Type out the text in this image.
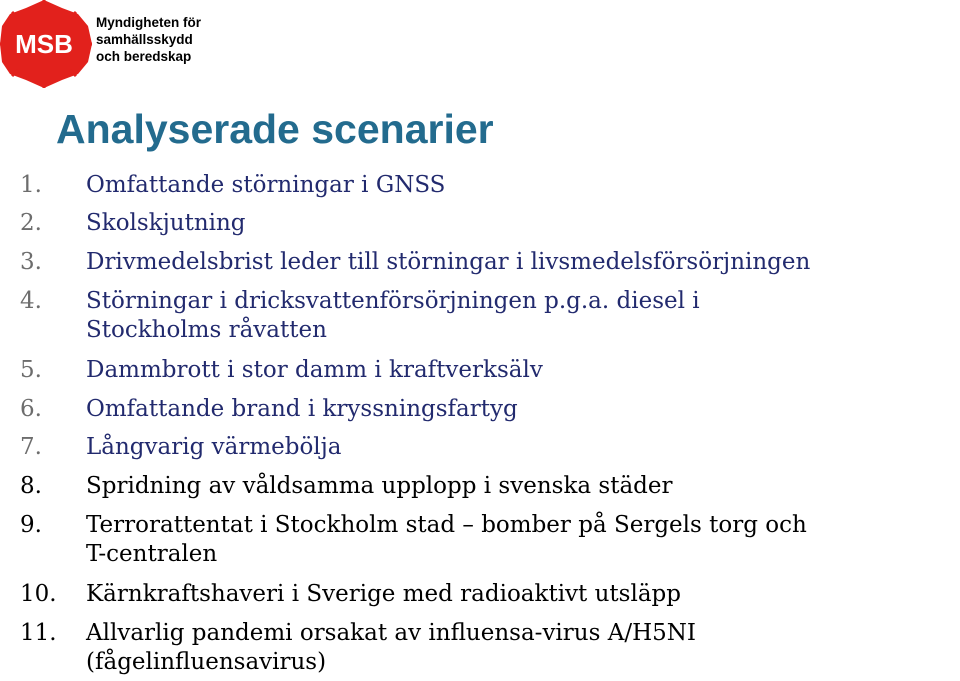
MSB
Myndigheten för
samhällsskydd
och beredskap
Analyserade scenarier
1. Omfattande störningar i GNSS
2. Skolskjutning
3. Drivmedelsbrist leder till störningar i livsmedelsförsörjningen
4. Störningar i dricksvattenförsörjningen p.g.a. diesel i
Stockholms råvatten
5. Dammbrott i stor damm i kraftverksälv
6. Omfattande brand i kryssningsfartyg
7. Långvarig värmebölja
8. Spridning av våldsamma upplopp i svenska städer
9. Terrorattentat i Stockholm stad – bomber på Sergels torg och
T-centralen
10. Kärnkraftshaveri i Sverige med radioaktivt utsläpp
11. Allvarlig pandemi orsakat av influensa-virus A/H5NI
(fågelinfluensavirus)
